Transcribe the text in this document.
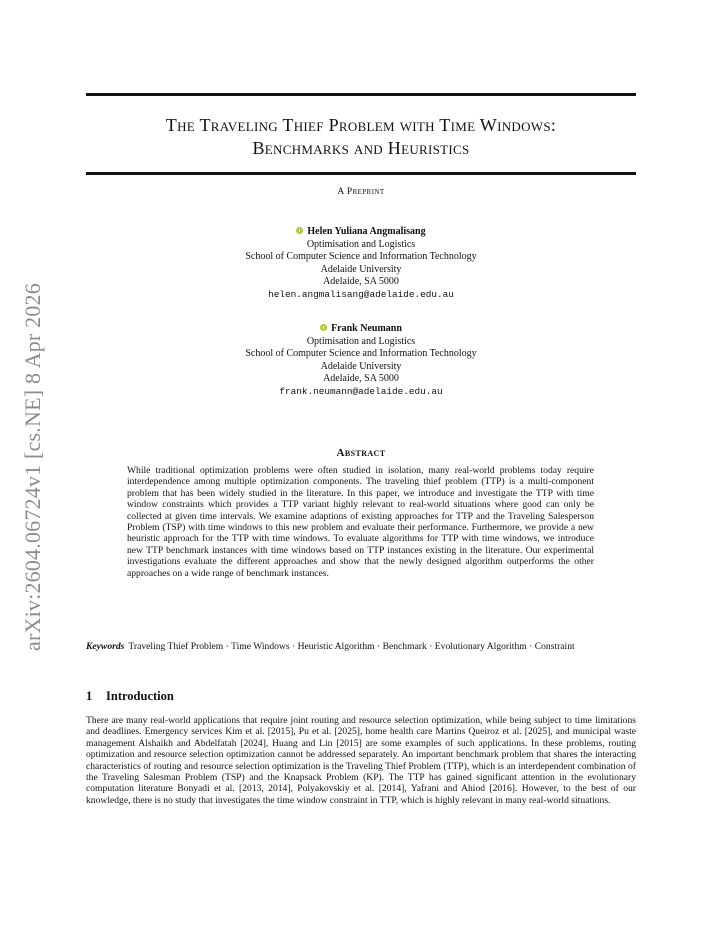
arXiv:2604.06724v1 [cs.NE] 8 Apr 2026
The Traveling Thief Problem with Time Windows:
Benchmarks and Heuristics
A Preprint
Helen Yuliana Angmalisang
Optimisation and Logistics
School of Computer Science and Information Technology
Adelaide University
Adelaide, SA 5000
helen.angmalisang@adelaide.edu.au
Frank Neumann
Optimisation and Logistics
School of Computer Science and Information Technology
Adelaide University
Adelaide, SA 5000
frank.neumann@adelaide.edu.au
Abstract
While traditional optimization problems were often studied in isolation, many real-world problems today require interdependence among multiple optimization components. The traveling thief problem (TTP) is a multi-component problem that has been widely studied in the literature. In this paper, we introduce and investigate the TTP with time window constraints which provides a TTP variant highly relevant to real-world situations where good can only be collected at given time intervals. We examine adaptions of existing approaches for TTP and the Traveling Salesperson Problem (TSP) with time windows to this new problem and evaluate their performance. Furthermore, we provide a new heuristic approach for the TTP with time windows. To evaluate algorithms for TTP with time windows, we introduce new TTP benchmark instances with time windows based on TTP instances existing in the literature. Our experimental investigations evaluate the different approaches and show that the newly designed algorithm outperforms the other approaches on a wide range of benchmark instances.
Keywords Traveling Thief Problem · Time Windows · Heuristic Algorithm · Benchmark · Evolutionary Algorithm · Constraint
1 Introduction
There are many real-world applications that require joint routing and resource selection optimization, while being subject to time limitations and deadlines. Emergency services Kim et al. [2015], Pu et al. [2025], home health care Martins Queiroz et al. [2025], and municipal waste management Alshaikh and Abdelfatah [2024], Huang and Lin [2015] are some examples of such applications. In these problems, routing optimization and resource selection optimization cannot be addressed separately. An important benchmark problem that shares the interacting characteristics of routing and resource selection optimization is the Traveling Thief Problem (TTP), which is an interdependent combination of the Traveling Salesman Problem (TSP) and the Knapsack Problem (KP). The TTP has gained significant attention in the evolutionary computation literature Bonyadi et al. [2013, 2014], Polyakovskiy et al. [2014], Yafrani and Ahiod [2016]. However, to the best of our knowledge, there is no study that investigates the time window constraint in TTP, which is highly relevant in many real-world situations.
